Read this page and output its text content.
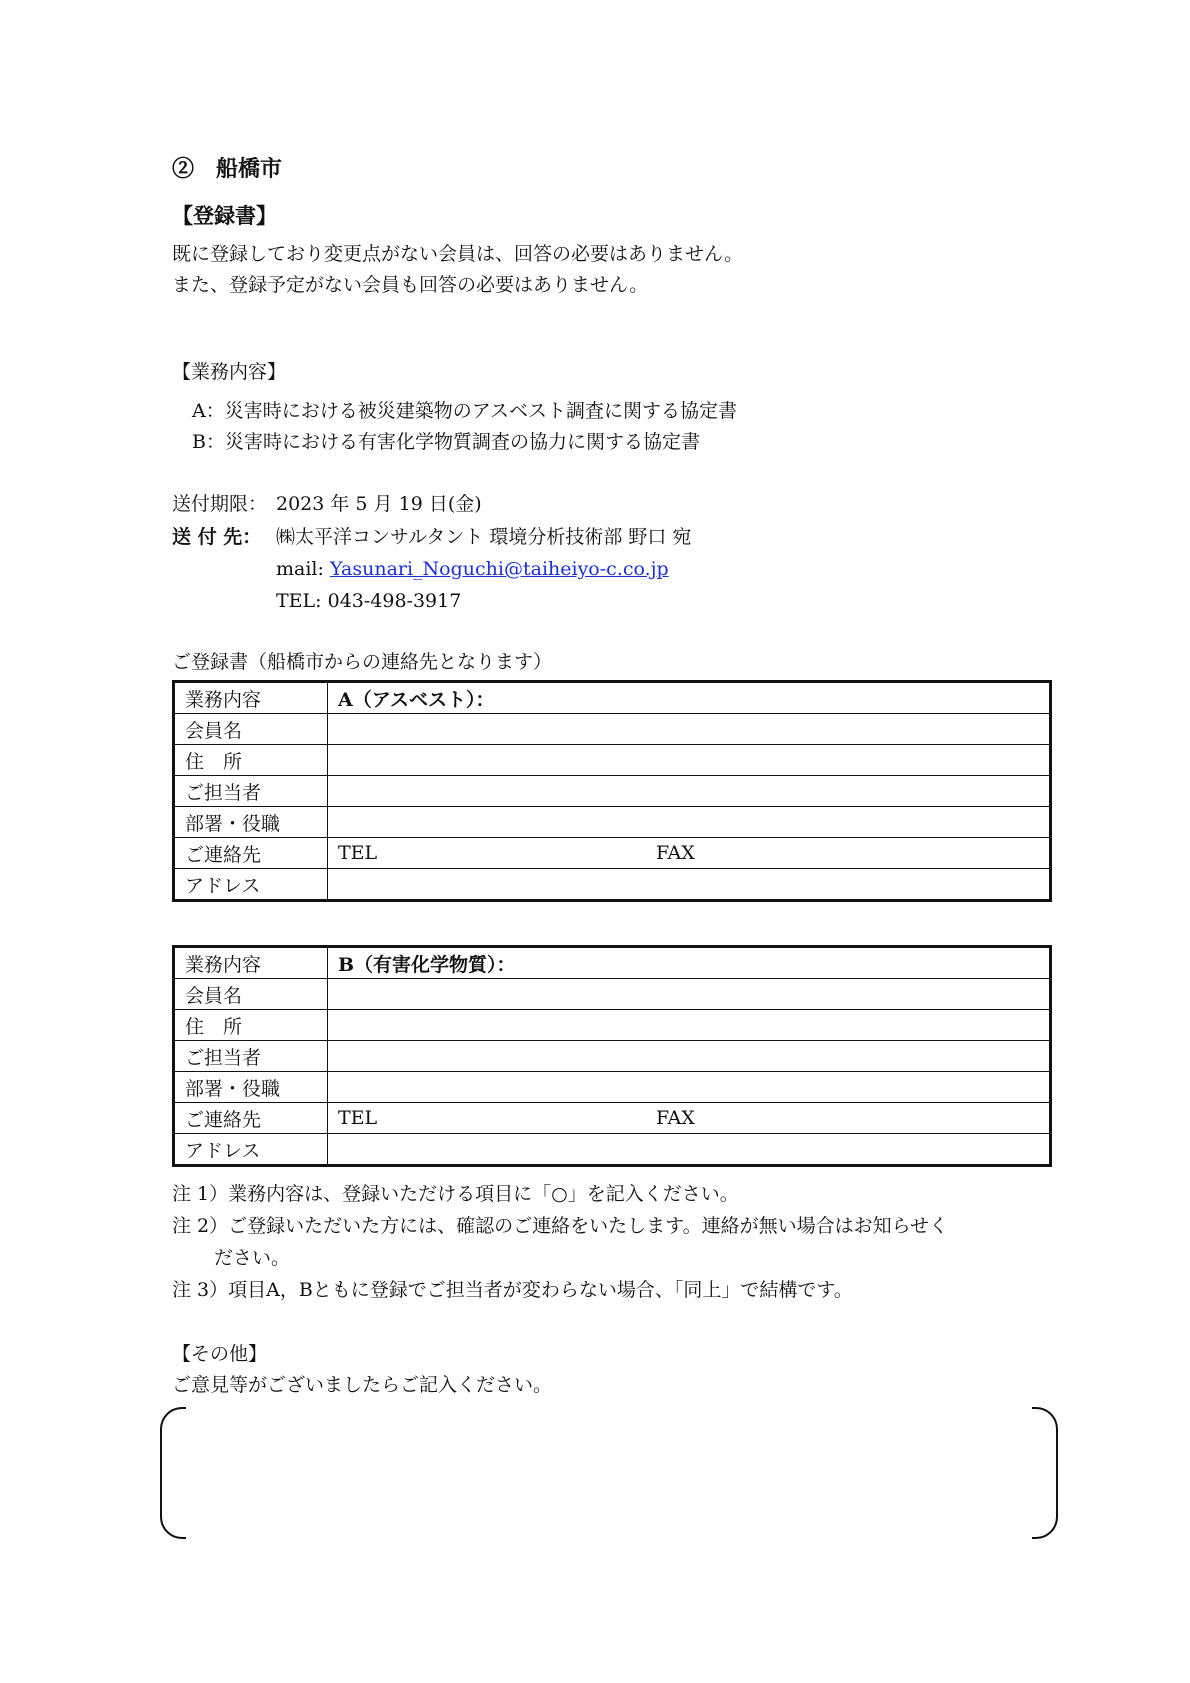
②　船橋市
【登録書】
既に登録しており変更点がない会員は、回答の必要はありません。
また、登録予定がない会員も回答の必要はありません。
【業務内容】
A：災害時における被災建築物のアスベスト調査に関する協定書
B：災害時における有害化学物質調査の協力に関する協定書
送付期限： 2023 年 5 月 19 日(金)
送 付 先： ㈱太平洋コンサルタント 環境分析技術部 野口 宛
mail: Yasunari_Noguchi@taiheiyo-c.co.jp
TEL: 043-498-3917
ご登録書（船橋市からの連絡先となります）
業務内容	A（アスベスト）：
会員名	
住　所	
ご担当者	
部署・役職	
ご連絡先	TEL FAX
アドレス	
業務内容	B（有害化学物質）：
会員名	
住　所	
ご担当者	
部署・役職	
ご連絡先	TEL FAX
アドレス	
注 1）業務内容は、登録いただける項目に「○」を記入ください。
注 2）ご登録いただいた方には、確認のご連絡をいたします。連絡が無い場合はお知らせく
ださい。
注 3）項目A，Bともに登録でご担当者が変わらない場合、「同上」で結構です。
【その他】
ご意見等がございましたらご記入ください。
